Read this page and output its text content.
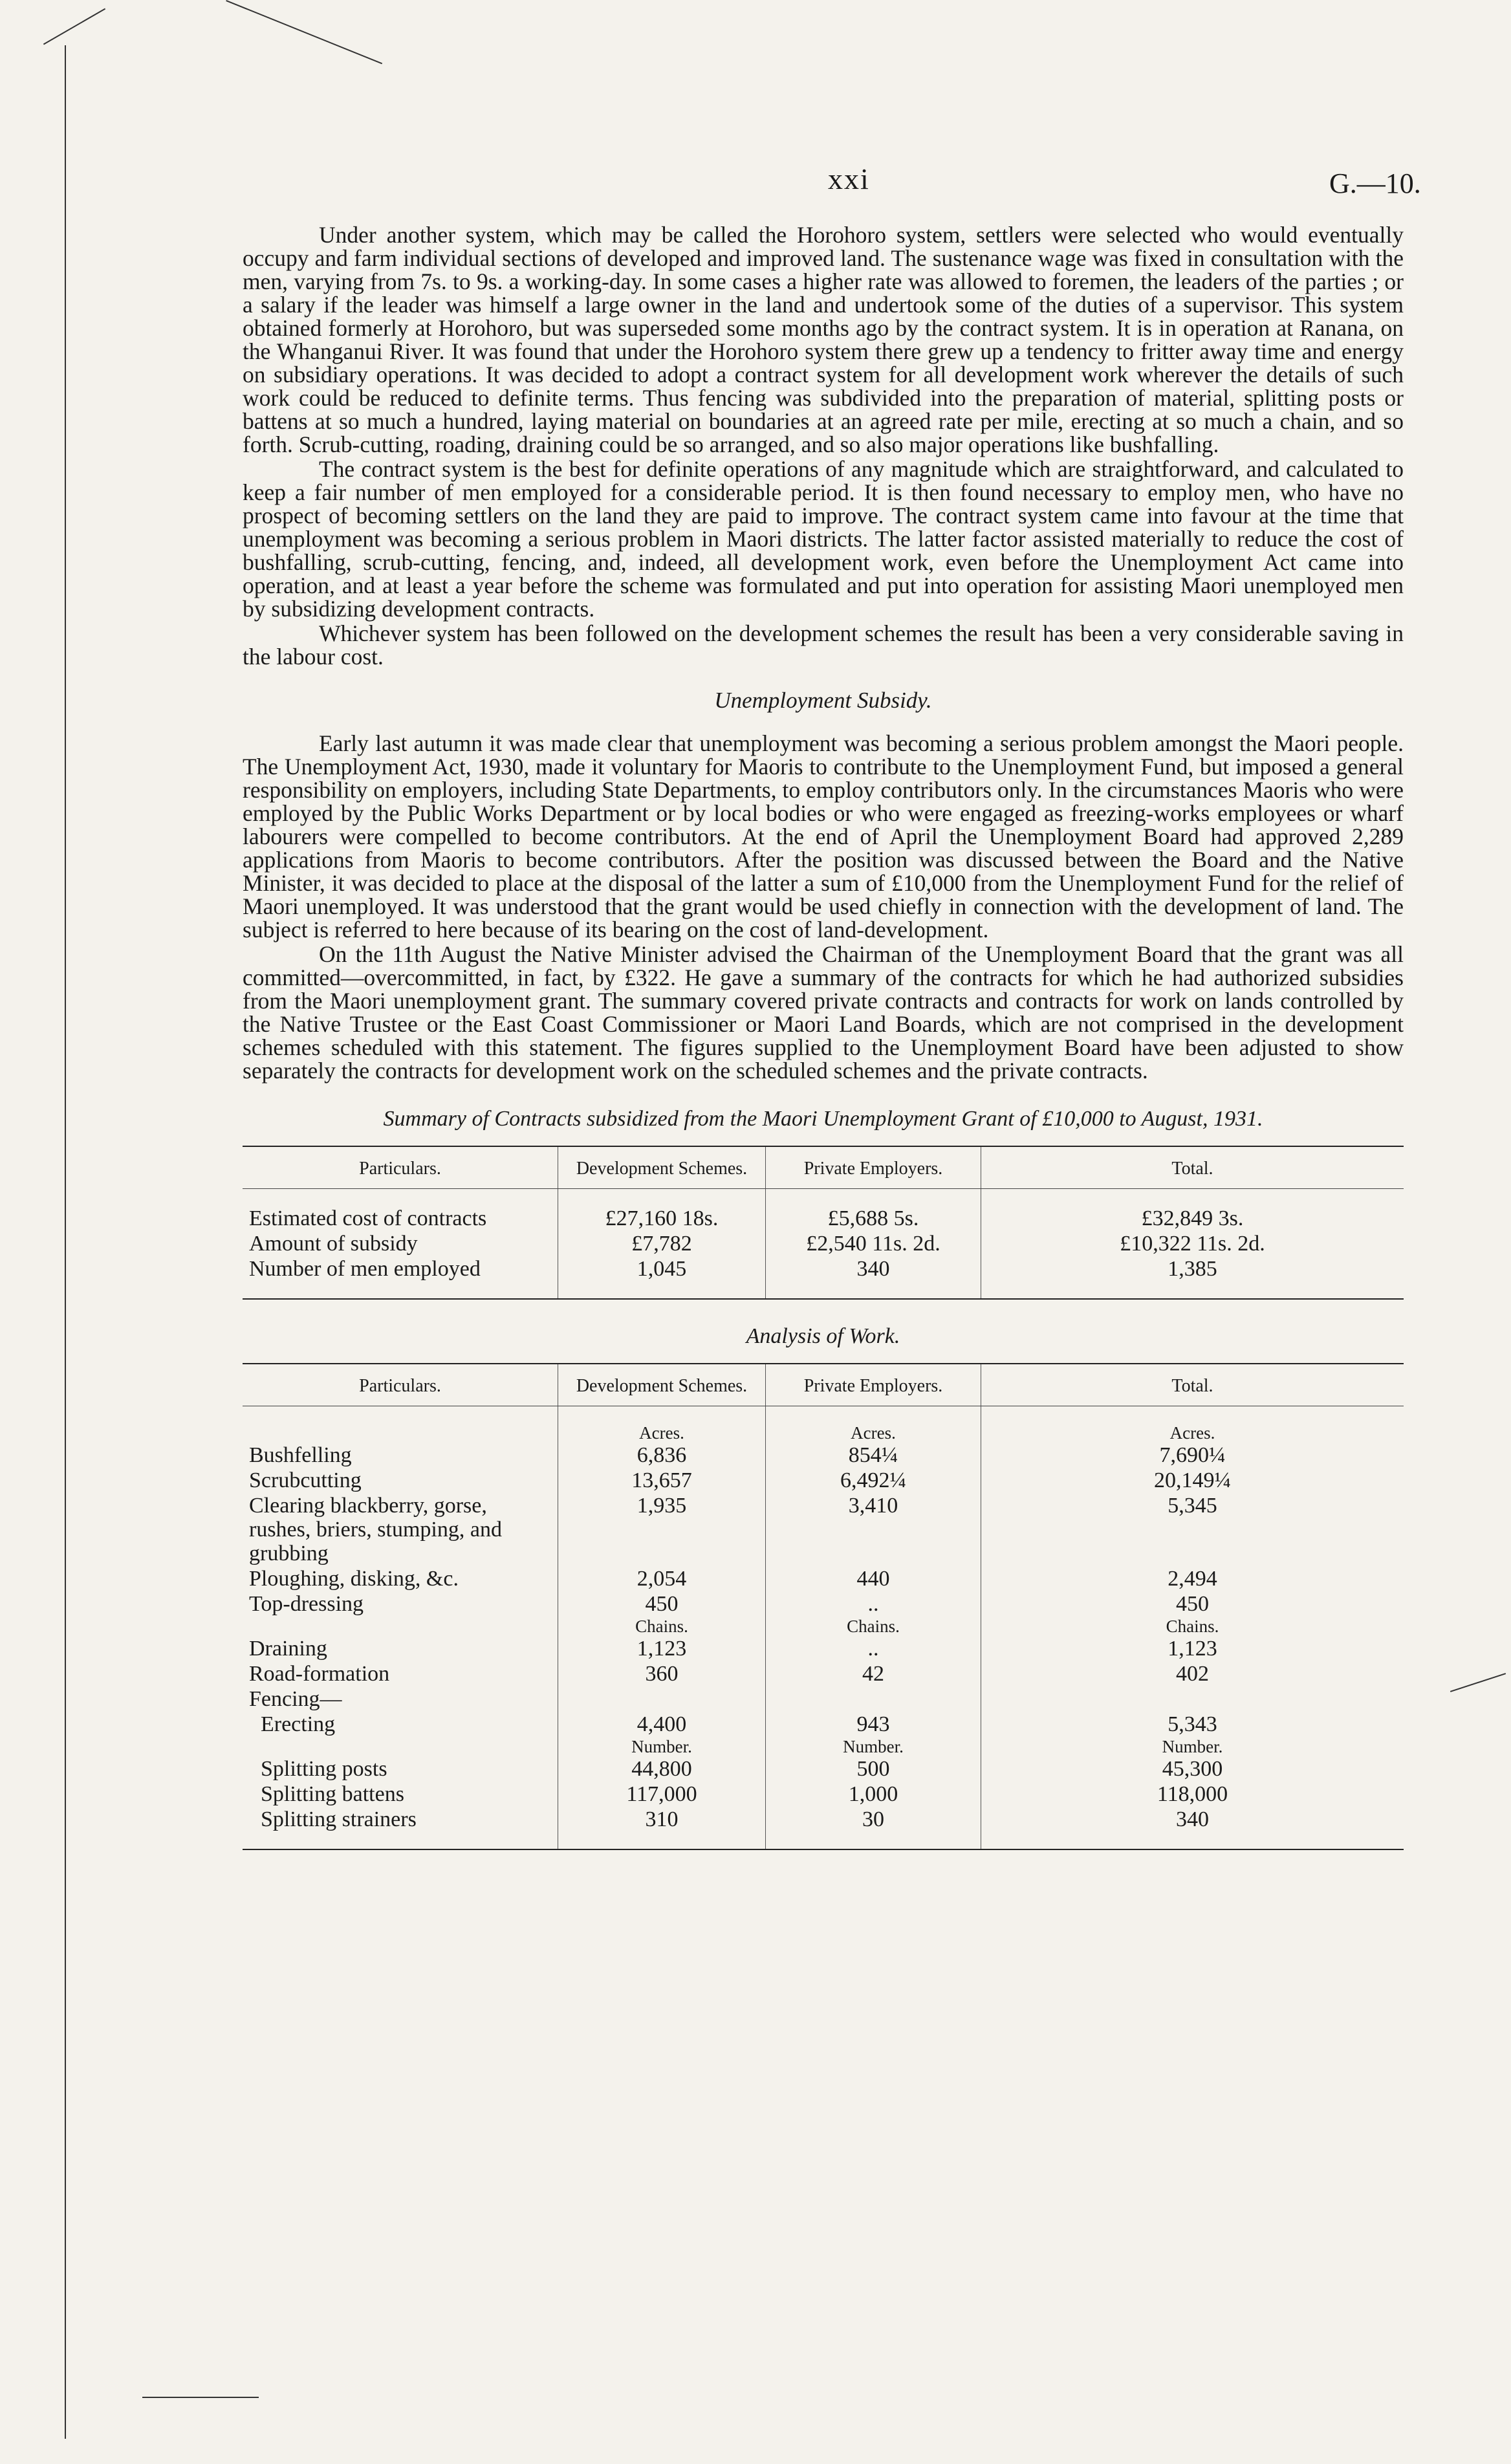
xxi	G.—10.

Under another system, which may be called the Horohoro system, settlers were selected who would eventually occupy and farm individual sections of developed and improved land. The sustenance wage was fixed in consultation with the men, varying from 7s. to 9s. a working-day. In some cases a higher rate was allowed to foremen, the leaders of the parties ; or a salary if the leader was himself a large owner in the land and undertook some of the duties of a supervisor. This system obtained formerly at Horohoro, but was superseded some months ago by the contract system. It is in operation at Ranana, on the Whanganui River. It was found that under the Horohoro system there grew up a tendency to fritter away time and energy on subsidiary operations. It was decided to adopt a contract system for all development work wherever the details of such work could be reduced to definite terms. Thus fencing was subdivided into the preparation of material, splitting posts or battens at so much a hundred, laying material on boundaries at an agreed rate per mile, erecting at so much a chain, and so forth. Scrub-cutting, roading, draining could be so arranged, and so also major operations like bushfalling.

The contract system is the best for definite operations of any magnitude which are straightforward, and calculated to keep a fair number of men employed for a considerable period. It is then found necessary to employ men, who have no prospect of becoming settlers on the land they are paid to improve. The contract system came into favour at the time that unemployment was becoming a serious problem in Maori districts. The latter factor assisted materially to reduce the cost of bushfalling, scrub-cutting, fencing, and, indeed, all development work, even before the Unemployment Act came into operation, and at least a year before the scheme was formulated and put into operation for assisting Maori unemployed men by subsidizing development contracts.

Whichever system has been followed on the development schemes the result has been a very considerable saving in the labour cost.

Unemployment Subsidy.

Early last autumn it was made clear that unemployment was becoming a serious problem amongst the Maori people. The Unemployment Act, 1930, made it voluntary for Maoris to contribute to the Unemployment Fund, but imposed a general responsibility on employers, including State Departments, to employ contributors only. In the circumstances Maoris who were employed by the Public Works Department or by local bodies or who were engaged as freezing-works employees or wharf labourers were compelled to become contributors. At the end of April the Unemployment Board had approved 2,289 applications from Maoris to become contributors. After the position was discussed between the Board and the Native Minister, it was decided to place at the disposal of the latter a sum of £10,000 from the Unemployment Fund for the relief of Maori unemployed. It was understood that the grant would be used chiefly in connection with the development of land. The subject is referred to here because of its bearing on the cost of land-development.

On the 11th August the Native Minister advised the Chairman of the Unemployment Board that the grant was all committed—overcommitted, in fact, by £322. He gave a summary of the contracts for which he had authorized subsidies from the Maori unemployment grant. The summary covered private contracts and contracts for work on lands controlled by the Native Trustee or the East Coast Commissioner or Maori Land Boards, which are not comprised in the development schemes scheduled with this statement. The figures supplied to the Unemployment Board have been adjusted to show separately the contracts for development work on the scheduled schemes and the private contracts.

Summary of Contracts subsidized from the Maori Unemployment Grant of £10,000 to August, 1931.
Particulars.	Development Schemes.	Private Employers.	Total.

Estimated cost of contracts	£27,160 18s.	£5,688 5s.	£32,849 3s.
Amount of subsidy	£7,782	£2,540 11s. 2d.	£10,322 11s. 2d.
Number of men employed	1,045	340	1,385

Analysis of Work.
Particulars.	Development Schemes.	Private Employers.	Total.

	Acres.	Acres.	Acres.

Bushfelling	6,836	854¼	7,690¼
Scrubcutting	13,657	6,492¼	20,149¼
Clearing blackberry, gorse, rushes, briers, stumping, and grubbing	1,935	3,410	5,345
Ploughing, disking, &c.	2,054	440	2,494
Top-dressing	450	..	450

	Chains.	Chains.	Chains.

Draining	1,123	..	1,123
Road-formation	360	42	402
Fencing—			
Erecting	4,400	943	5,343

	Number.	Number.	Number.

Splitting posts	44,800	500	45,300
Splitting battens	117,000	1,000	118,000
Splitting strainers	310	30	340
